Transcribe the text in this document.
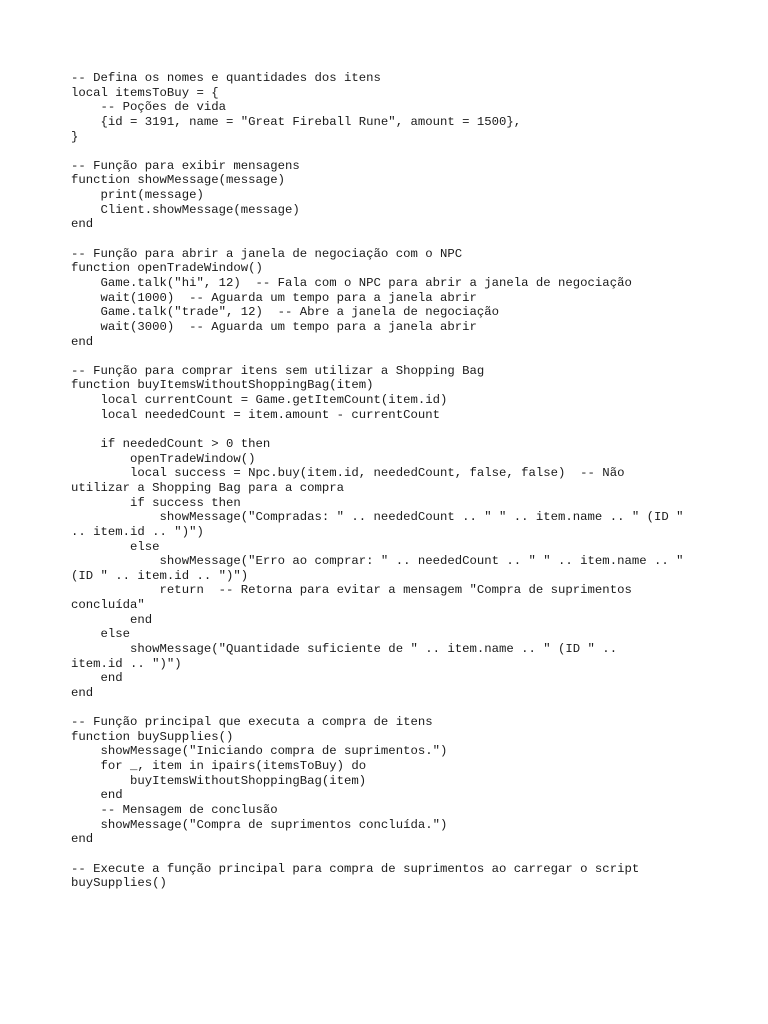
-- Defina os nomes e quantidades dos itens
local itemsToBuy = {
-- Poções de vida
{id = 3191, name = "Great Fireball Rune", amount = 1500},
}
-- Função para exibir mensagens
function showMessage(message)
print(message)
Client.showMessage(message)
end
-- Função para abrir a janela de negociação com o NPC
function openTradeWindow()
Game.talk("hi", 12)  -- Fala com o NPC para abrir a janela de negociação
wait(1000)  -- Aguarda um tempo para a janela abrir
Game.talk("trade", 12)  -- Abre a janela de negociação
wait(3000)  -- Aguarda um tempo para a janela abrir
end
-- Função para comprar itens sem utilizar a Shopping Bag
function buyItemsWithoutShoppingBag(item)
local currentCount = Game.getItemCount(item.id)
local neededCount = item.amount - currentCount
if neededCount > 0 then
openTradeWindow()
local success = Npc.buy(item.id, neededCount, false, false)  -- Não
utilizar a Shopping Bag para a compra
if success then
showMessage("Compradas: " .. neededCount .. " " .. item.name .. " (ID "
.. item.id .. ")")
else
showMessage("Erro ao comprar: " .. neededCount .. " " .. item.name .. "
(ID " .. item.id .. ")")
return  -- Retorna para evitar a mensagem "Compra de suprimentos
concluída"
end
else
showMessage("Quantidade suficiente de " .. item.name .. " (ID " ..
item.id .. ")")
end
end
-- Função principal que executa a compra de itens
function buySupplies()
showMessage("Iniciando compra de suprimentos.")
for _, item in ipairs(itemsToBuy) do
buyItemsWithoutShoppingBag(item)
end
-- Mensagem de conclusão
showMessage("Compra de suprimentos concluída.")
end
-- Execute a função principal para compra de suprimentos ao carregar o script
buySupplies()
